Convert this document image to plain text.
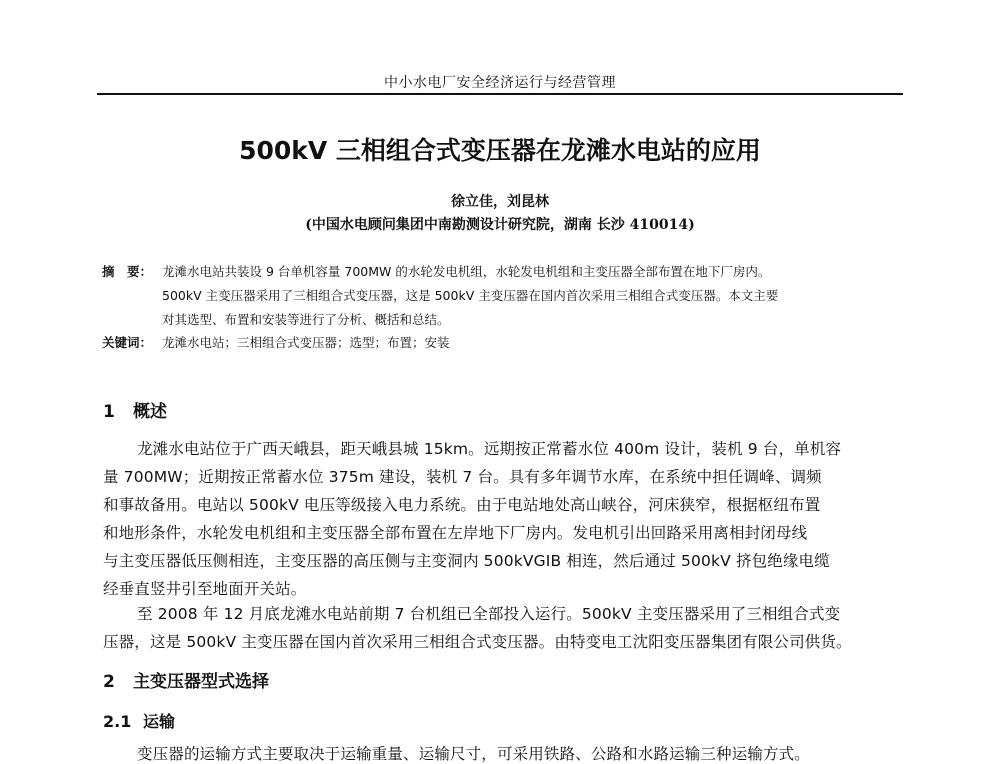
中小水电厂安全经济运行与经营管理
500kV 三相组合式变压器在龙滩水电站的应用
徐立佳，刘昆林
(中国水电顾问集团中南勘测设计研究院，湖南 长沙 410014)
摘　要： 龙滩水电站共装设 9 台单机容量 700MW 的水轮发电机组，水轮发电机组和主变压器全部布置在地下厂房内。
500kV 主变压器采用了三相组合式变压器，这是 500kV 主变压器在国内首次采用三相组合式变压器。本文主要
对其选型、布置和安装等进行了分析、概括和总结。
关键词： 龙滩水电站；三相组合式变压器；选型；布置；安装
1 概述
龙滩水电站位于广西天峨县，距天峨县城 15km。远期按正常蓄水位 400m 设计，装机 9 台，单机容
量 700MW；近期按正常蓄水位 375m 建设，装机 7 台。具有多年调节水库，在系统中担任调峰、调频
和事故备用。电站以 500kV 电压等级接入电力系统。由于电站地处高山峡谷，河床狭窄，根据枢纽布置
和地形条件，水轮发电机组和主变压器全部布置在左岸地下厂房内。发电机引出回路采用离相封闭母线
与主变压器低压侧相连，主变压器的高压侧与主变洞内 500kVGIB 相连，然后通过 500kV 挤包绝缘电缆
经垂直竖井引至地面开关站。
至 2008 年 12 月底龙滩水电站前期 7 台机组已全部投入运行。500kV 主变压器采用了三相组合式变
压器，这是 500kV 主变压器在国内首次采用三相组合式变压器。由特变电工沈阳变压器集团有限公司供货。
2 主变压器型式选择
2.1 运输
变压器的运输方式主要取决于运输重量、运输尺寸，可采用铁路、公路和水路运输三种运输方式。
